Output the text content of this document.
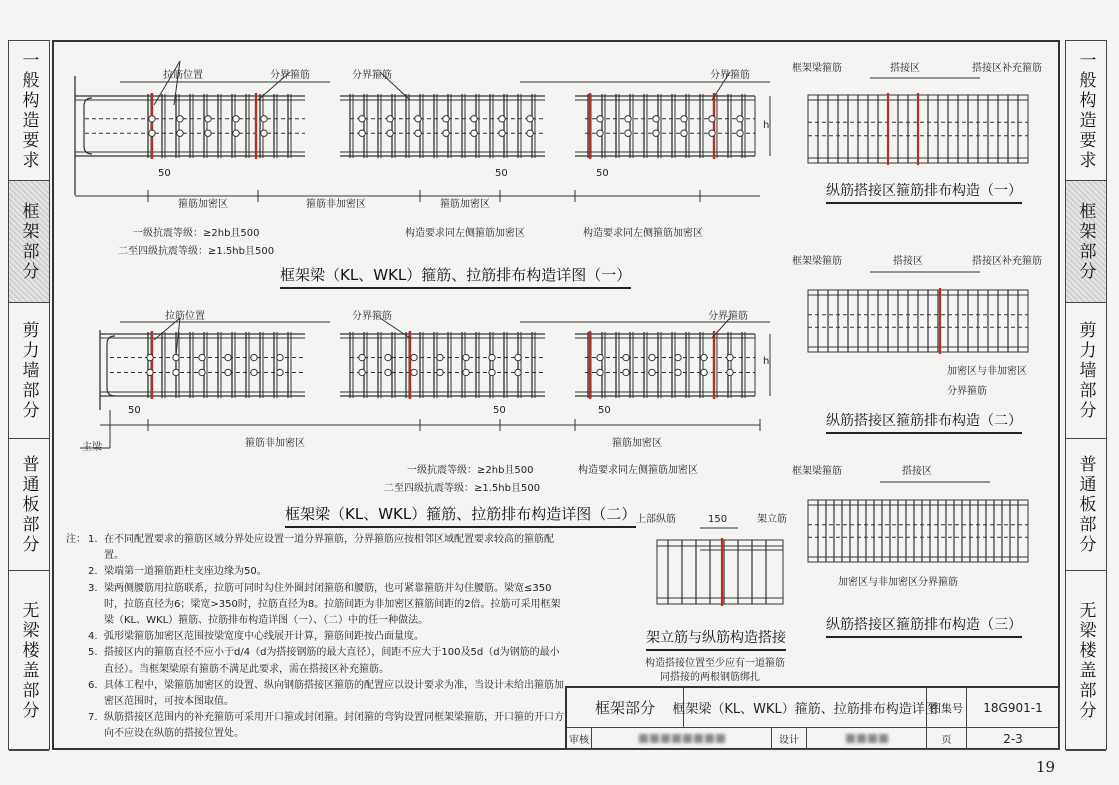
一般构造要求
框架部分
剪力墙部分
普通板部分
无梁楼盖部分
一般构造要求
框架部分
剪力墙部分
普通板部分
无梁楼盖部分
拉筋位置	分界箍筋	分界箍筋	分界箍筋
h
50	50	50
箍筋加密区	箍筋非加密区	箍筋加密区
一级抗震等级：≥2hb且500
二至四级抗震等级：≥1.5hb且500
构造要求同左侧箍筋加密区	构造要求同左侧箍筋加密区
框架梁（KL、WKL）箍筋、拉筋排布构造详图（一）
拉筋位置	分界箍筋	分界箍筋
h
50	50	50
主梁	箍筋非加密区	箍筋加密区
一级抗震等级：≥2hb且500
二至四级抗震等级：≥1.5hb且500
构造要求同左侧箍筋加密区
框架梁（KL、WKL）箍筋、拉筋排布构造详图（二）
框架梁箍筋	搭接区	搭接区补充箍筋
纵筋搭接区箍筋排布构造（一）
框架梁箍筋	搭接区	搭接区补充箍筋
加密区与非加密区
分界箍筋
纵筋搭接区箍筋排布构造（二）
框架梁箍筋	搭接区
加密区与非加密区分界箍筋
纵筋搭接区箍筋排布构造（三）
上部纵筋	150	架立筋
架立筋与纵筋构造搭接
构造搭接位置至少应有一道箍筋
同搭接的两根钢筋绑扎
注： 1. 在不同配置要求的箍筋区域分界处应设置一道分界箍筋，分界箍筋应按相邻区域配置要求较高的箍筋配置。
2. 梁端第一道箍筋距柱支座边缘为50。
3. 梁两侧腰筋用拉筋联系，拉筋可同时勾住外圈封闭箍筋和腰筋，也可紧靠箍筋并勾住腰筋。梁宽≤350时，拉筋直径为6；梁宽>350时，拉筋直径为8。拉筋间距为非加密区箍筋间距的2倍。拉筋可采用框架梁（KL、WKL）箍筋、拉筋排布构造详图（一）、（二）中的任一种做法。
4. 弧形梁箍筋加密区范围按梁宽度中心线展开计算，箍筋间距按凸面量度。
5. 搭接区内的箍筋直径不应小于d/4（d为搭接钢筋的最大直径），间距不应大于100及5d（d为钢筋的最小直径）。当框架梁原有箍筋不满足此要求，需在搭接区补充箍筋。
6. 具体工程中，梁箍筋加密区的设置、纵向钢筋搭接区箍筋的配置应以设计要求为准，当设计未给出箍筋加密区范围时，可按本图取值。
7. 纵筋搭接区范围内的补充箍筋可采用开口箍或封闭箍。封闭箍的弯钩设置同框架梁箍筋，开口箍的开口方向不应设在纵筋的搭接位置处。
框架部分	框架梁（KL、WKL）箍筋、拉筋排布构造详图
图集号	18G901-1
审核	设计	页	2-3
19
